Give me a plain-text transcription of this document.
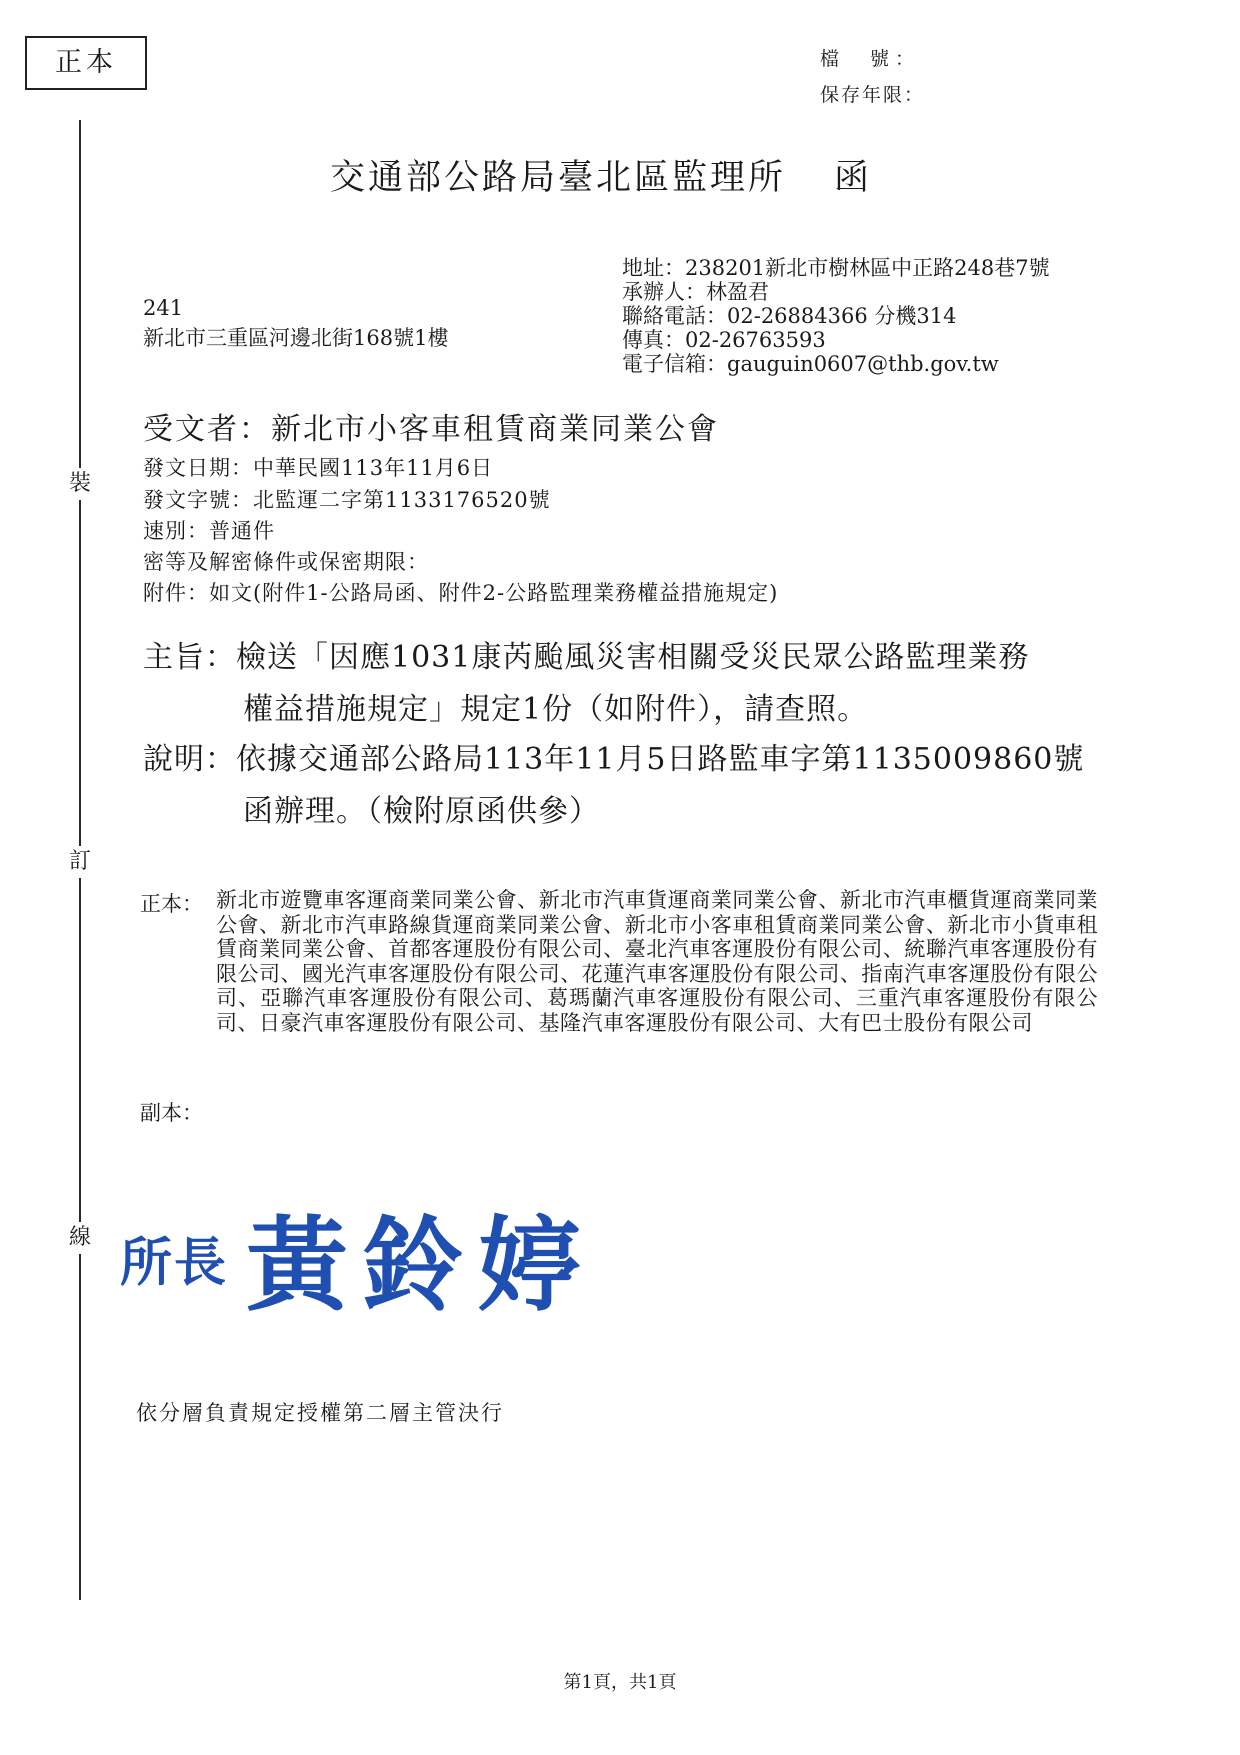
正本
裝
訂
線
檔　號：
保存年限：
交通部公路局臺北區監理所 函
地址：238201新北市樹林區中正路248巷7號
承辦人：林盈君
聯絡電話：02-26884366 分機314
傳真：02-26763593
電子信箱：gauguin0607@thb.gov.tw
241
新北市三重區河邊北街168號1樓
受文者：新北市小客車租賃商業同業公會
發文日期：中華民國113年11月6日
發文字號：北監運二字第1133176520號
速別：普通件
密等及解密條件或保密期限：
附件：如文(附件1-公路局函、附件2-公路監理業務權益措施規定)
主旨：檢送「因應1031康芮颱風災害相關受災民眾公路監理業務
權益措施規定」規定1份（如附件），請查照。
說明：依據交通部公路局113年11月5日路監車字第1135009860號
函辦理。（檢附原函供參）
正本： 新北市遊覽車客運商業同業公會、新北市汽車貨運商業同業公會、新北市汽車櫃貨運商業同業公會、新北市汽車路線貨運商業同業公會、新北市小客車租賃商業同業公會、新北市小貨車租賃商業同業公會、首都客運股份有限公司、臺北汽車客運股份有限公司、統聯汽車客運股份有限公司、國光汽車客運股份有限公司、花蓮汽車客運股份有限公司、指南汽車客運股份有限公司、亞聯汽車客運股份有限公司、葛瑪蘭汽車客運股份有限公司、三重汽車客運股份有限公司、日豪汽車客運股份有限公司、基隆汽車客運股份有限公司、大有巴士股份有限公司
副本：
所長 黃鈴婷
依分層負責規定授權第二層主管決行
第1頁，共1頁
